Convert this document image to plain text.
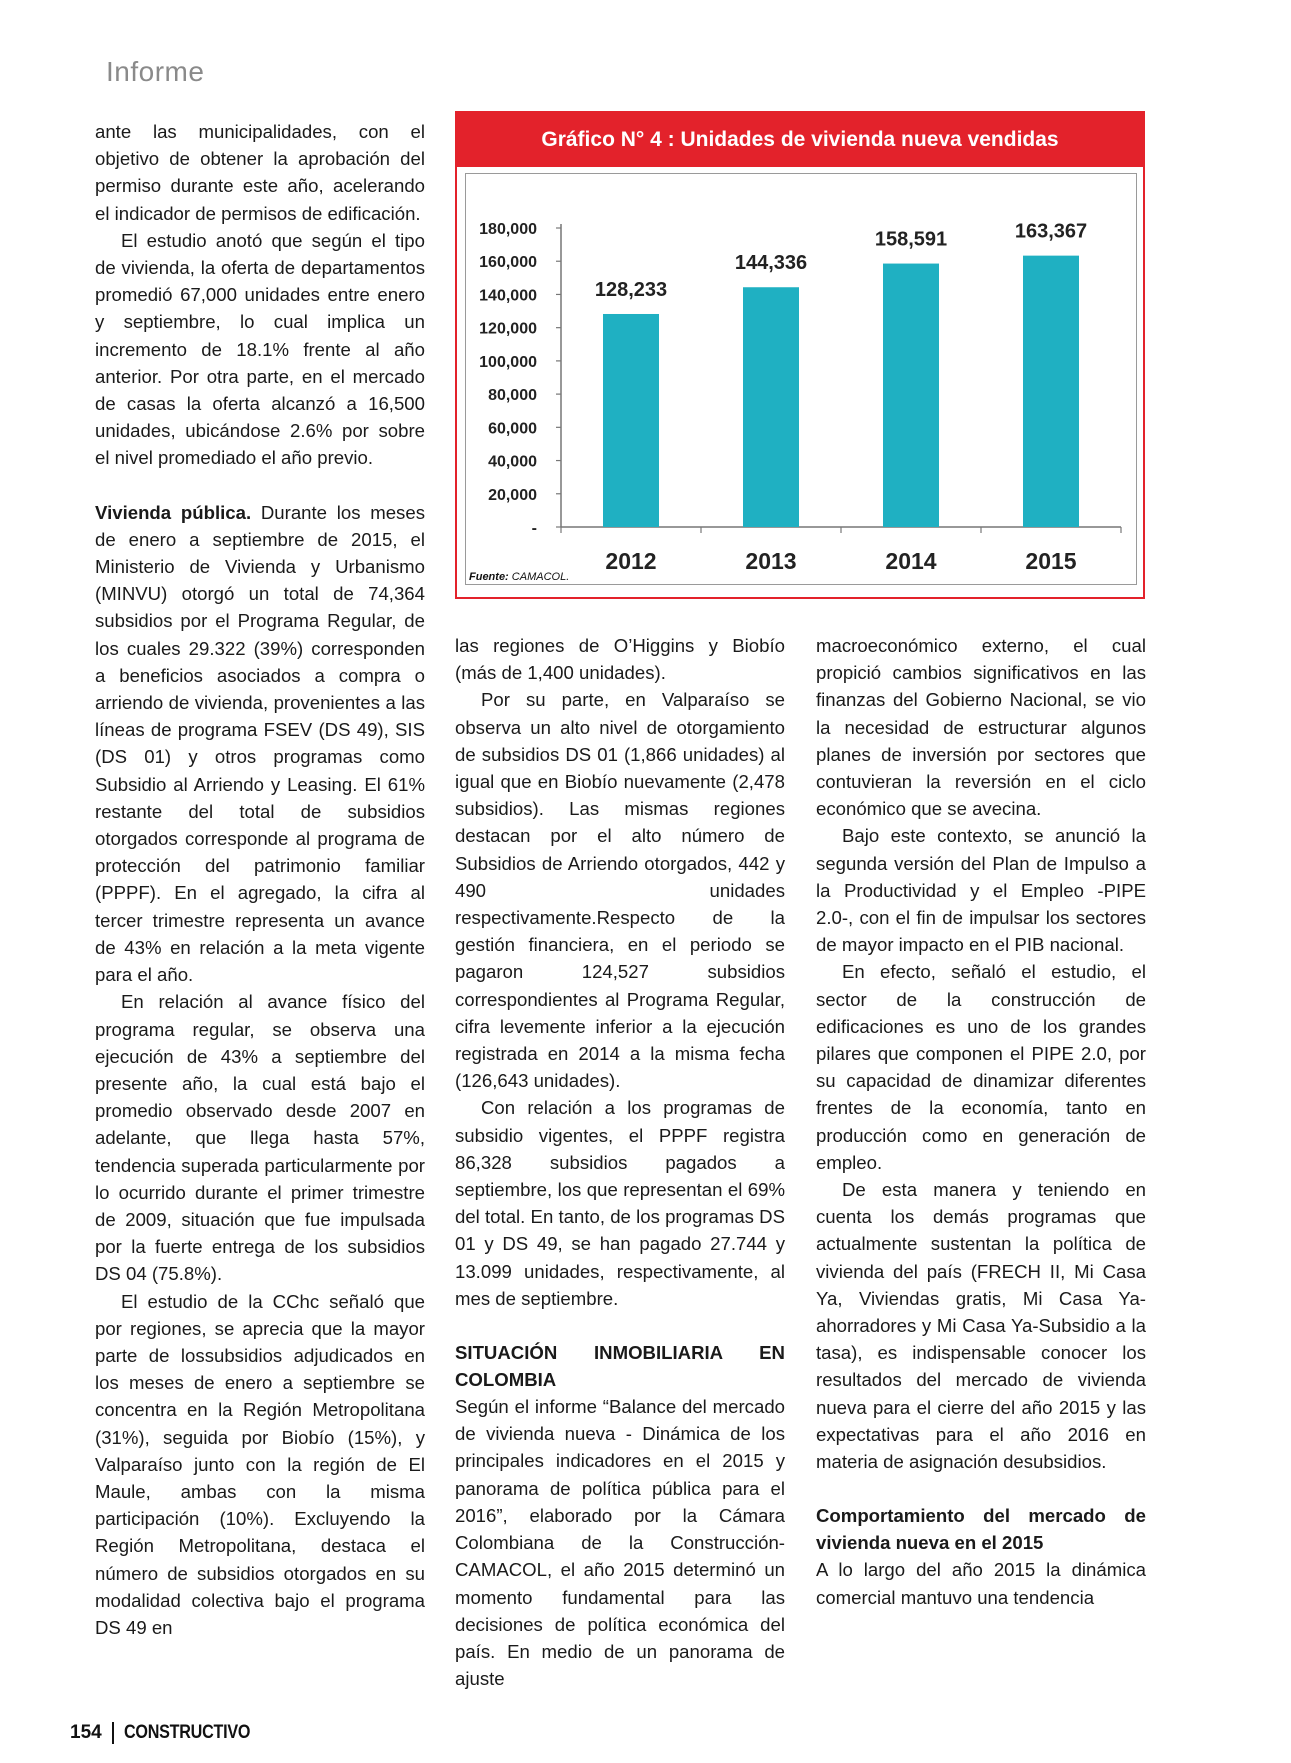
Informe

ante las municipalidades, con el objetivo de obtener la aprobación del permiso durante este año, acelerando el indicador de permisos de edificación.

El estudio anotó que según el tipo de vivienda, la oferta de departamentos promedió 67,000 unidades entre enero y septiembre, lo cual implica un incremento de 18.1% frente al año anterior. Por otra parte, en el mercado de casas la oferta alcanzó a 16,500 unidades, ubicándose 2.6% por sobre el nivel promediado el año previo.

Vivienda pública. Durante los meses de enero a septiembre de 2015, el Ministerio de Vivienda y Urbanismo (MINVU) otorgó un total de 74,364 subsidios por el Programa Regular, de los cuales 29.322 (39%) corresponden a beneficios asociados a compra o arriendo de vivienda, provenientes a las líneas de programa FSEV (DS 49), SIS (DS 01) y otros programas como Subsidio al Arriendo y Leasing. El 61% restante del total de subsidios otorgados corresponde al programa de protección del patrimonio familiar (PPPF). En el agregado, la cifra al tercer trimestre representa un avance de 43% en relación a la meta vigente para el año.

En relación al avance físico del programa regular, se observa una ejecución de 43% a septiembre del presente año, la cual está bajo el promedio observado desde 2007 en adelante, que llega hasta 57%, tendencia superada particularmente por lo ocurrido durante el primer trimestre de 2009, situación que fue impulsada por la fuerte entrega de los subsidios DS 04 (75.8%).

El estudio de la CChc señaló que por regiones, se aprecia que la mayor parte de lossubsidios adjudicados en los meses de enero a septiembre se concentra en la Región Metropolitana (31%), seguida por Biobío (15%), y Valparaíso junto con la región de El Maule, ambas con la misma participación (10%). Excluyendo la Región Metropolitana, destaca el número de subsidios otorgados en su modalidad colectiva bajo el programa DS 49 en

Gráfico N° 4 : Unidades de vivienda nueva vendidas
-
20,000
40,000
60,000
80,000
100,000
120,000
140,000
160,000
180,000
128,233
2012
144,336
2013
158,591
2014
163,367
2015
Fuente: CAMACOL.

las regiones de O’Higgins y Biobío (más de 1,400 unidades).

Por su parte, en Valparaíso se observa un alto nivel de otorgamiento de subsidios DS 01 (1,866 unidades) al igual que en Biobío nuevamente (2,478 subsidios). Las mismas regiones destacan por el alto número de Subsidios de Arriendo otorgados, 442 y 490 unidades respectivamente.Respecto de la gestión financiera, en el periodo se pagaron 124,527 subsidios correspondientes al Programa Regular, cifra levemente inferior a la ejecución registrada en 2014 a la misma fecha (126,643 unidades).

Con relación a los programas de subsidio vigentes, el PPPF registra 86,328 subsidios pagados a septiembre, los que representan el 69% del total. En tanto, de los programas DS 01 y DS 49, se han pagado 27.744 y 13.099 unidades, respectivamente, al mes de septiembre.

SITUACIÓN INMOBILIARIA EN COLOMBIA

Según el informe “Balance del mercado de vivienda nueva - Dinámica de los principales indicadores en el 2015 y panorama de política pública para el 2016”, elaborado por la Cámara Colombiana de la Construcción-CAMACOL, el año 2015 determinó un momento fundamental para las decisiones de política económica del país. En medio de un panorama de ajuste

macroeconómico externo, el cual propició cambios significativos en las finanzas del Gobierno Nacional, se vio la necesidad de estructurar algunos planes de inversión por sectores que contuvieran la reversión en el ciclo económico que se avecina.

Bajo este contexto, se anunció la segunda versión del Plan de Impulso a la Productividad y el Empleo -PIPE 2.0-, con el fin de impulsar los sectores de mayor impacto en el PIB nacional.

En efecto, señaló el estudio, el sector de la construcción de edificaciones es uno de los grandes pilares que componen el PIPE 2.0, por su capacidad de dinamizar diferentes frentes de la economía, tanto en producción como en generación de empleo.

De esta manera y teniendo en cuenta los demás programas que actualmente sustentan la política de vivienda del país (FRECH II, Mi Casa Ya, Viviendas gratis, Mi Casa Ya-ahorradores y Mi Casa Ya-Subsidio a la tasa), es indispensable conocer los resultados del mercado de vivienda nueva para el cierre del año 2015 y las expectativas para el año 2016 en materia de asignación desubsidios.

Comportamiento del mercado de vivienda nueva en el 2015

A lo largo del año 2015 la dinámica comercial mantuvo una tendencia

154 CONSTRUCTIVO
